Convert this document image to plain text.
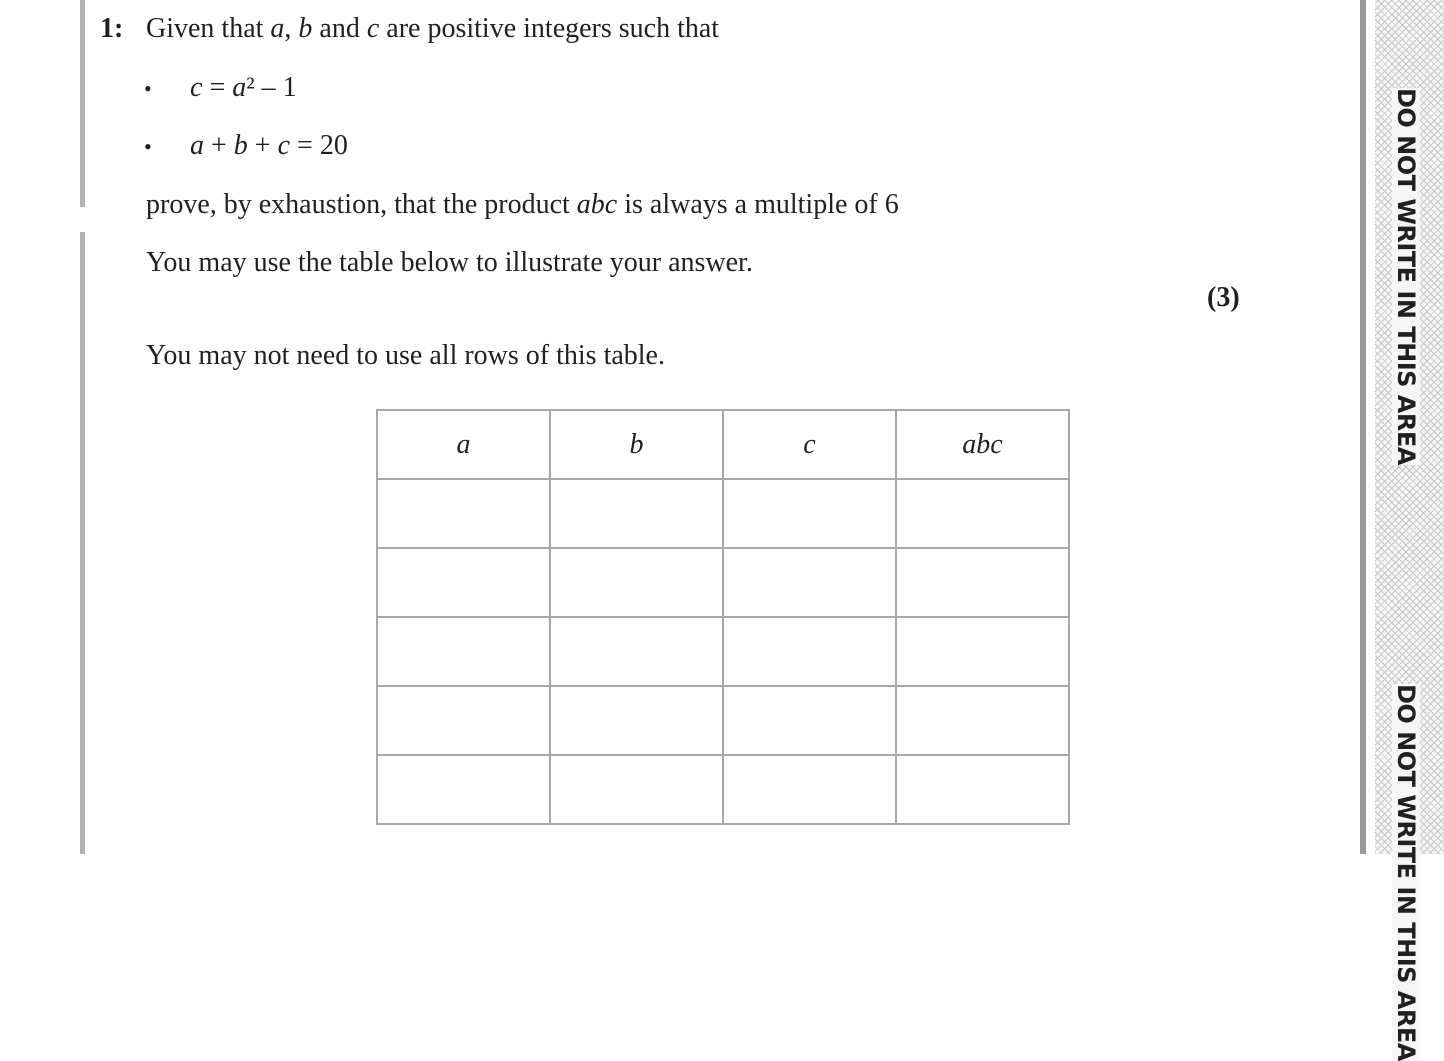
1: Given that a, b and c are positive integers such that
• c = a² – 1
• a + b + c = 20
prove, by exhaustion, that the product abc is always a multiple of 6
You may use the table below to illustrate your answer.
(3)
You may not need to use all rows of this table.
a	b	c	abc

				DO NOT WRITE IN THIS AREA
DO NOT WRITE IN THIS AREA
